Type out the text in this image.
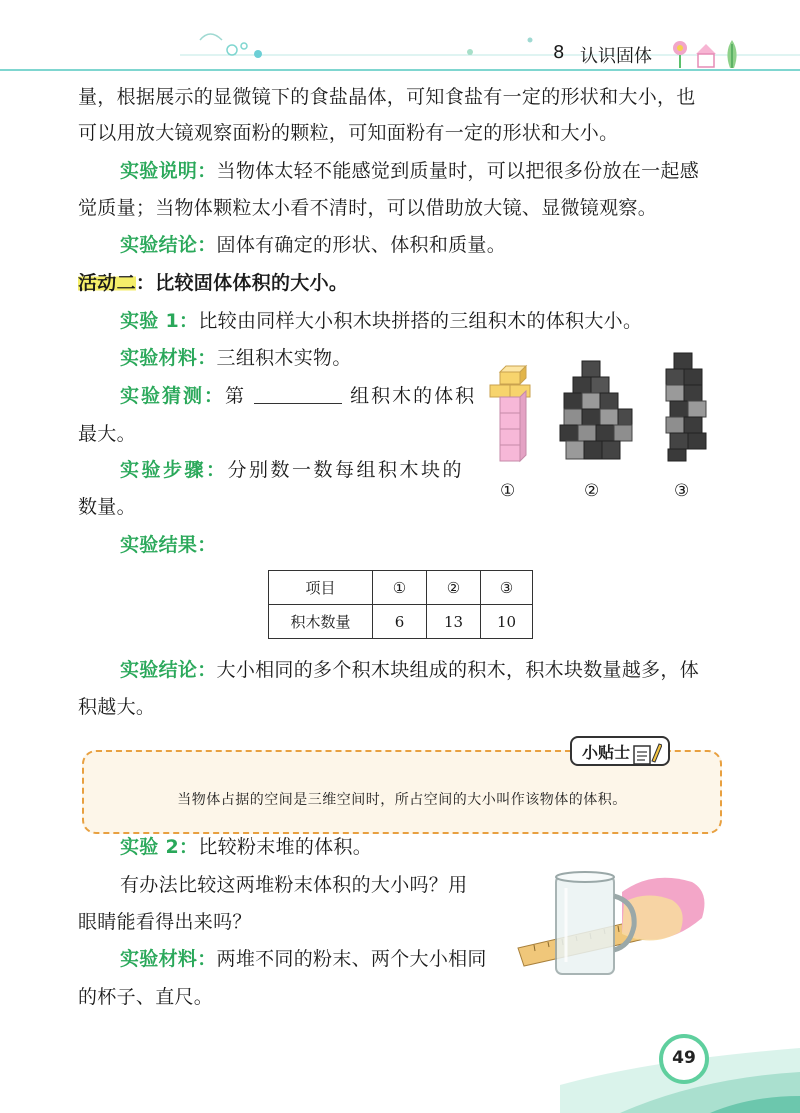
8 认识固体
量，根据展示的显微镜下的食盐晶体，可知食盐有一定的形状和大小，也
可以用放大镜观察面粉的颗粒，可知面粉有一定的形状和大小。
实验说明：当物体太轻不能感觉到质量时，可以把很多份放在一起感
觉质量；当物体颗粒太小看不清时，可以借助放大镜、显微镜观察。
实验结论：固体有确定的形状、体积和质量。
活动二：比较固体体积的大小。
实验 1：比较由同样大小积木块拼搭的三组积木的体积大小。
实验材料：三组积木实物。
实验猜测：第	组积木的体积
最大。
实验步骤：分别数一数每组积木块的
数量。
实验结果：
①	②	③
项目	①	②	③
积木数量	6	13	10
实验结论：大小相同的多个积木块组成的积木，积木块数量越多，体
积越大。
小贴士
当物体占据的空间是三维空间时，所占空间的大小叫作该物体的体积。
实验 2：比较粉末堆的体积。
有办法比较这两堆粉末体积的大小吗？用
眼睛能看得出来吗？
实验材料：两堆不同的粉末、两个大小相同
的杯子、直尺。
49
